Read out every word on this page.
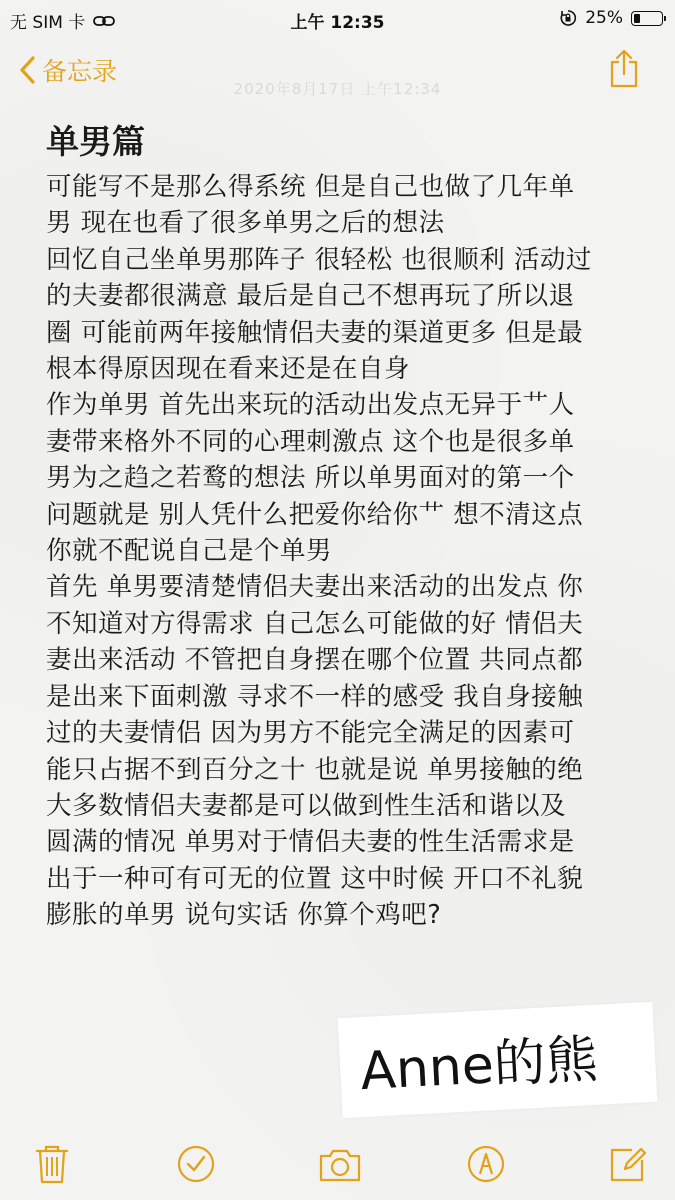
无 SIM 卡	上午 12:35	25%
备忘录
2020年8月17日 上午12:34
单男篇

可能写不是那么得系统 但是自己也做了几年单

男 现在也看了很多单男之后的想法

回忆自己坐单男那阵子 很轻松 也很顺利 活动过

的夫妻都很满意 最后是自己不想再玩了所以退

圈 可能前两年接触情侣夫妻的渠道更多 但是最

根本得原因现在看来还是在自身

作为单男 首先出来玩的活动出发点无异于艹人

妻带来格外不同的心理刺激点 这个也是很多单

男为之趋之若鹜的想法 所以单男面对的第一个

问题就是 别人凭什么把爱你给你艹 想不清这点

你就不配说自己是个单男

首先 单男要清楚情侣夫妻出来活动的出发点 你

不知道对方得需求 自己怎么可能做的好 情侣夫

妻出来活动 不管把自身摆在哪个位置 共同点都

是出来下面刺激 寻求不一样的感受 我自身接触

过的夫妻情侣 因为男方不能完全满足的因素可

能只占据不到百分之十 也就是说 单男接触的绝

大多数情侣夫妻都是可以做到性生活和谐以及

圆满的情况 单男对于情侣夫妻的性生活需求是

出于一种可有可无的位置 这中时候 开口不礼貌

膨胀的单男 说句实话 你算个鸡吧?

Anne的熊
